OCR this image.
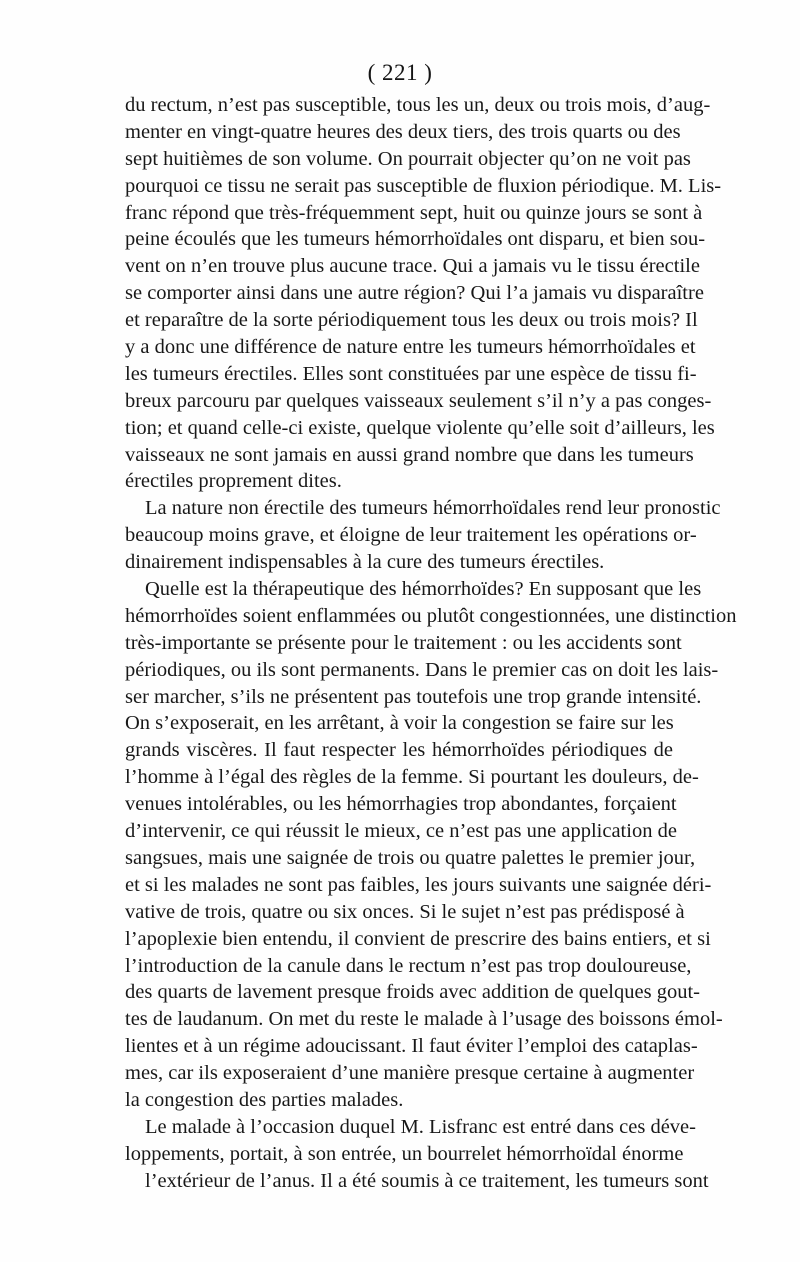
( 221 )
du rectum, n’est pas susceptible, tous les un, deux ou trois mois, d’aug-
menter en vingt-quatre heures des deux tiers, des trois quarts ou des
sept huitièmes de son volume. On pourrait objecter qu’on ne voit pas
pourquoi ce tissu ne serait pas susceptible de fluxion périodique. M. Lis-
franc répond que très-fréquemment sept, huit ou quinze jours se sont à
peine écoulés que les tumeurs hémorrhoïdales ont disparu, et bien sou-
vent on n’en trouve plus aucune trace. Qui a jamais vu le tissu érectile
se comporter ainsi dans une autre région? Qui l’a jamais vu disparaître
et reparaître de la sorte périodiquement tous les deux ou trois mois? Il
y a donc une différence de nature entre les tumeurs hémorrhoïdales et
les tumeurs érectiles. Elles sont constituées par une espèce de tissu fi-
breux parcouru par quelques vaisseaux seulement s’il n’y a pas conges-
tion; et quand celle-ci existe, quelque violente qu’elle soit d’ailleurs, les
vaisseaux ne sont jamais en aussi grand nombre que dans les tumeurs
érectiles proprement dites.
La nature non érectile des tumeurs hémorrhoïdales rend leur pronostic
beaucoup moins grave, et éloigne de leur traitement les opérations or-
dinairement indispensables à la cure des tumeurs érectiles.
Quelle est la thérapeutique des hémorrhoïdes? En supposant que les
hémorrhoïdes soient enflammées ou plutôt congestionnées, une distinction
très-importante se présente pour le traitement : ou les accidents sont
périodiques, ou ils sont permanents. Dans le premier cas on doit les lais-
ser marcher, s’ils ne présentent pas toutefois une trop grande intensité.
On s’exposerait, en les arrêtant, à voir la congestion se faire sur les
grands viscères. Il faut respecter les hémorrhoïdes périodiques de
l’homme à l’égal des règles de la femme. Si pourtant les douleurs, de-
venues intolérables, ou les hémorrhagies trop abondantes, forçaient
d’intervenir, ce qui réussit le mieux, ce n’est pas une application de
sangsues, mais une saignée de trois ou quatre palettes le premier jour,
et si les malades ne sont pas faibles, les jours suivants une saignée déri-
vative de trois, quatre ou six onces. Si le sujet n’est pas prédisposé à
l’apoplexie bien entendu, il convient de prescrire des bains entiers, et si
l’introduction de la canule dans le rectum n’est pas trop douloureuse,
des quarts de lavement presque froids avec addition de quelques gout-
tes de laudanum. On met du reste le malade à l’usage des boissons émol-
lientes et à un régime adoucissant. Il faut éviter l’emploi des cataplas-
mes, car ils exposeraient d’une manière presque certaine à augmenter
la congestion des parties malades.
Le malade à l’occasion duquel M. Lisfranc est entré dans ces déve-
loppements, portait, à son entrée, un bourrelet hémorrhoïdal énorme
l’extérieur de l’anus. Il a été soumis à ce traitement, les tumeurs sont
